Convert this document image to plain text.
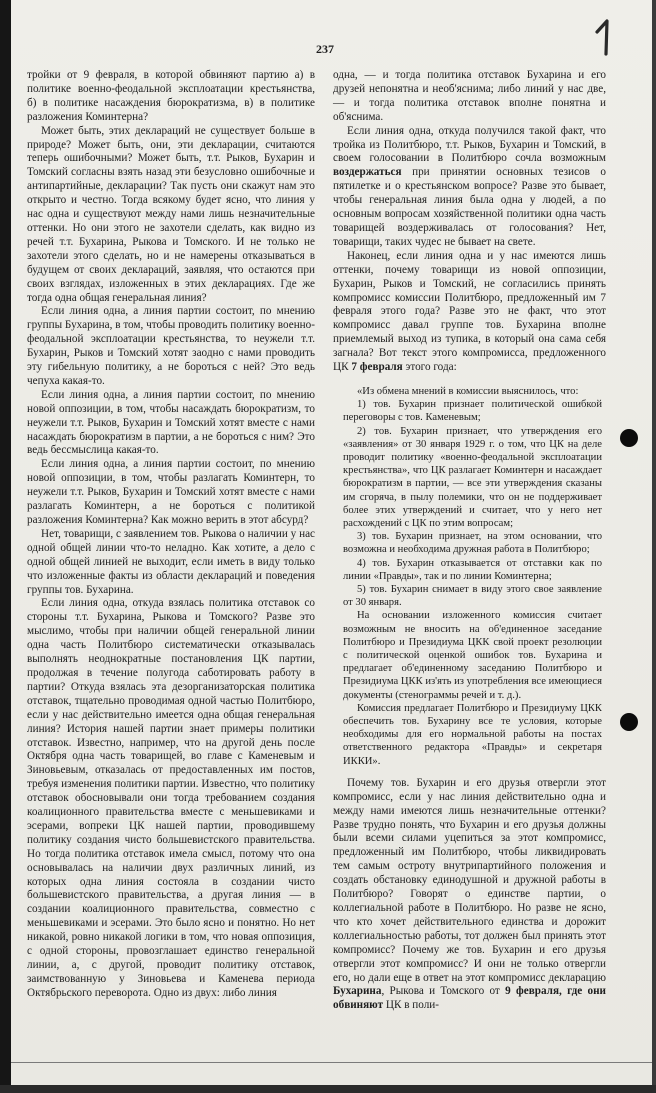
237

тройки от 9 февраля, в которой обвиняют партию а) в политике военно-феодальной эксплоатации крестьянства, б) в политике насаждения бюрократизма, в) в политике разложения Коминтерна?

Может быть, этих деклараций не существует больше в природе? Может быть, они, эти декларации, считаются теперь ошибочными? Может быть, т.т. Рыков, Бухарин и Томский согласны взять назад эти безусловно ошибочные и антипартийные, декларации? Так пусть они скажут нам это открыто и честно. Тогда всякому будет ясно, что линия у нас одна и существуют между нами лишь незначительные оттенки. Но они этого не захотели сделать, как видно из речей т.т. Бухарина, Рыкова и Томского. И не только не захотели этого сделать, но и не намерены отказываться в будущем от своих деклараций, заявляя, что остаются при своих взглядах, изложенных в этих декларациях. Где же тогда одна общая генеральная линия?

Если линия одна, а линия партии состоит, по мнению группы Бухарина, в том, чтобы проводить политику военно-феодальной эксплоатации крестьянства, то неужели т.т. Бухарин, Рыков и Томский хотят заодно с нами проводить эту гибельную политику, а не бороться с ней? Это ведь чепуха какая-то.

Если линия одна, а линия партии состоит, по мнению новой оппозиции, в том, чтобы насаждать бюрократизм, то неужели т.т. Рыков, Бухарин и Томский хотят вместе с нами насаждать бюрократизм в партии, а не бороться с ним? Это ведь бессмыслица какая-то.

Если линия одна, а линия партии состоит, по мнению новой оппозиции, в том, чтобы разлагать Коминтерн, то неужели т.т. Рыков, Бухарин и Томский хотят вместе с нами разлагать Коминтерн, а не бороться с политикой разложения Коминтерна? Как можно верить в этот абсурд?

Нет, товарищи, с заявлением тов. Рыкова о наличии у нас одной общей линии что-то неладно. Как хотите, а дело с одной общей линией не выходит, если иметь в виду только что изложенные факты из области деклараций и поведения группы тов. Бухарина.

Если линия одна, откуда взялась политика отставок со стороны т.т. Бухарина, Рыкова и Томского? Разве это мыслимо, чтобы при наличии общей генеральной линии одна часть Политбюро систематически отказывалась выполнять неоднократные постановления ЦК партии, продолжая в течение полугода саботировать работу в партии? Откуда взялась эта дезорганизаторская политика отставок, тщательно проводимая одной частью Политбюро, если у нас действительно имеется одна общая генеральная линия? История нашей партии знает примеры политики отставок. Известно, например, что на другой день после Октября одна часть товарищей, во главе с Каменевым и Зиновьевым, отказалась от предоставленных им постов, требуя изменения политики партии. Известно, что политику отставок обосновывали они тогда требованием создания коалиционного правительства вместе с меньшевиками и эсерами, вопреки ЦК нашей партии, проводившему политику создания чисто большевистского правительства. Но тогда политика отставок имела смысл, потому что она основывалась на наличии двух различных линий, из которых одна линия состояла в создании чисто большевистского правительства, а другая линия — в создании коалиционного правительства, совместно с меньшевиками и эсерами. Это было ясно и понятно. Но нет никакой, ровно никакой логики в том, что новая оппозиция, с одной стороны, провозглашает единство генеральной линии, а, с другой, проводит политику отставок, заимствованную у Зиновьева и Каменева периода Октябрьского переворота. Одно из двух: либо линия

одна, — и тогда политика отставок Бухарина и его друзей непонятна и необ'яснима; либо линий у нас две, — и тогда политика отставок вполне понятна и об'яснима.

Если линия одна, откуда получился такой факт, что тройка из Политбюро, т.т. Рыков, Бухарин и Томский, в своем голосовании в Политбюро сочла возможным воздержаться при принятии основных тезисов о пятилетке и о крестьянском вопросе? Разве это бывает, чтобы генеральная линия была одна у людей, а по основным вопросам хозяйственной политики одна часть товарищей воздерживалась от голосования? Нет, товарищи, таких чудес не бывает на свете.

Наконец, если линия одна и у нас имеются лишь оттенки, почему товарищи из новой оппозиции, Бухарин, Рыков и Томский, не согласились принять компромисс комиссии Политбюро, предложенный им 7 февраля этого года? Разве это не факт, что этот компромисс давал группе тов. Бухарина вполне приемлемый выход из тупика, в который она сама себя загнала? Вот текст этого компромисса, предложенного ЦК 7 февраля этого года:

«Из обмена мнений в комиссии выяснилось, что:

1) тов. Бухарин признает политической ошибкой переговоры с тов. Каменевым;

2) тов. Бухарин признает, что утверждения его «заявления» от 30 января 1929 г. о том, что ЦК на деле проводит политику «военно-феодальной эксплоатации крестьянства», что ЦК разлагает Коминтерн и насаждает бюрократизм в партии, — все эти утверждения сказаны им сгоряча, в пылу полемики, что он не поддерживает более этих утверждений и считает, что у него нет расхождений с ЦК по этим вопросам;

3) тов. Бухарин признает, на этом основании, что возможна и необходима дружная работа в Политбюро;

4) тов. Бухарин отказывается от отставки как по линии «Правды», так и по линии Коминтерна;

5) тов. Бухарин снимает в виду этого свое заявление от 30 января.

На основании изложенного комиссия считает возможным не вносить на об'единенное заседание Политбюро и Президиума ЦКК свой проект резолюции с политической оценкой ошибок тов. Бухарина и предлагает об'единенному заседанию Политбюро и Президиума ЦКК из'ять из употребления все имеющиеся документы (стенограммы речей и т. д.).

Комиссия предлагает Политбюро и Президиуму ЦКК обеспечить тов. Бухарину все те условия, которые необходимы для его нормальной работы на постах ответственного редактора «Правды» и секретаря ИККИ».

Почему тов. Бухарин и его друзья отвергли этот компромисс, если у нас линия действительно одна и между нами имеются лишь незначительные оттенки? Разве трудно понять, что Бухарин и его друзья должны были всеми силами уцепиться за этот компромисс, предложенный им Политбюро, чтобы ликвидировать тем самым остроту внутрипартийного положения и создать обстановку единодушной и дружной работы в Политбюро? Говорят о единстве партии, о коллегиальной работе в Политбюро. Но разве не ясно, что кто хочет действительного единства и дорожит коллегиальностью работы, тот должен был принять этот компромисс? Почему же тов. Бухарин и его друзья отвергли этот компромисс? И они не только отвергли его, но дали еще в ответ на этот компромисс декларацию Бухарина, Рыкова и Томского от 9 февраля, где они обвиняют ЦК в поли-
